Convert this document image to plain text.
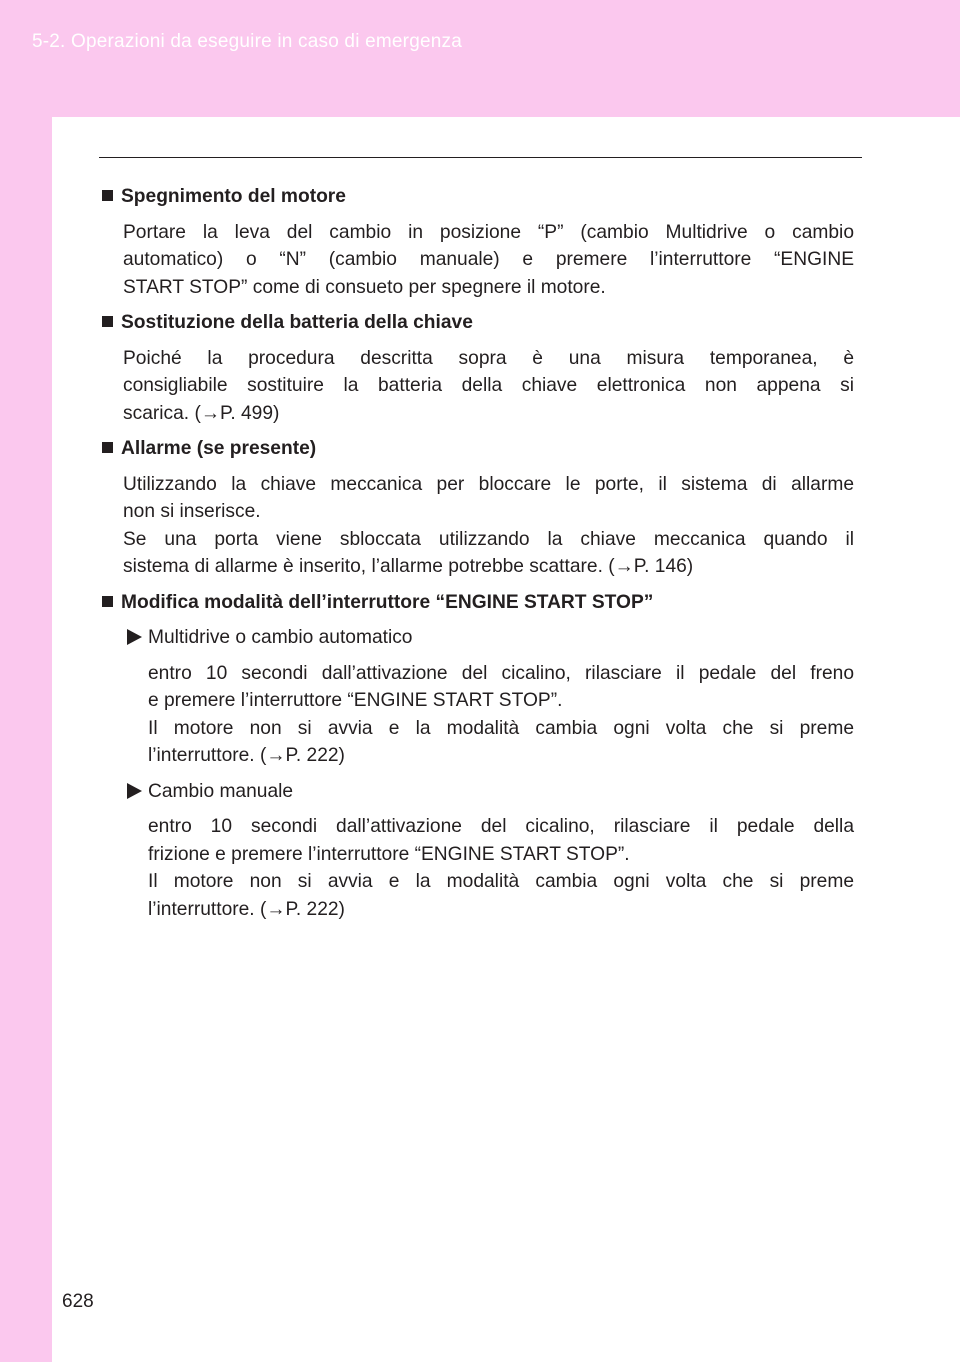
5-2. Operazioni da eseguire in caso di emergenza
628
Spegnimento del motore
Portare la leva del cambio in posizione “P” (cambio Multidrive o cambio
automatico) o “N” (cambio manuale) e premere l’interruttore “ENGINE
START STOP” come di consueto per spegnere il motore.
Sostituzione della batteria della chiave
Poiché la procedura descritta sopra è una misura temporanea, è
consigliabile sostituire la batteria della chiave elettronica non appena si
scarica. (→P. 499)
Allarme (se presente)
Utilizzando la chiave meccanica per bloccare le porte, il sistema di allarme
non si inserisce.
Se una porta viene sbloccata utilizzando la chiave meccanica quando il
sistema di allarme è inserito, l’allarme potrebbe scattare. (→P. 146)
Modifica modalità dell’interruttore “ENGINE START STOP”
Multidrive o cambio automatico
entro 10 secondi dall’attivazione del cicalino, rilasciare il pedale del freno
e premere l’interruttore “ENGINE START STOP”.
Il motore non si avvia e la modalità cambia ogni volta che si preme
l’interruttore. (→P. 222)
Cambio manuale
entro 10 secondi dall’attivazione del cicalino, rilasciare il pedale della
frizione e premere l’interruttore “ENGINE START STOP”.
Il motore non si avvia e la modalità cambia ogni volta che si preme
l’interruttore. (→P. 222)
